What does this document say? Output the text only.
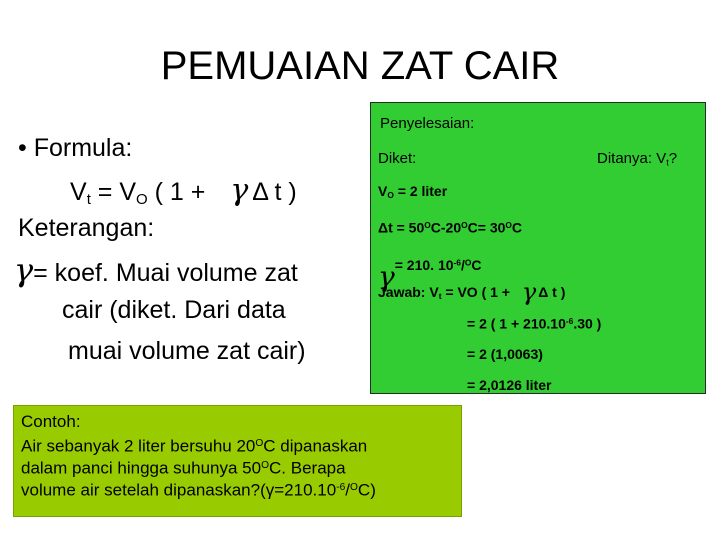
PEMUAIAN ZAT CAIR
• Formula:
$V_t = V_O$ ( 1 + γ Δ t )
Keterangan:
γ= koef. Muai volume zat
cair (diket. Dari data
muai volume zat cair)
Penyelesaian:
Diket:	Ditanya: $V_t$?
$V_O = 2$ liter
$\Delta t = 50^OC-20^OC= 30^OC$
γ= 210. $10^{-6}/^OC$
Jawab: $V_t$ = VO ( 1 + γ Δ t )
= 2 ( $1 + 210.10^{-6}.30$ )
= 2 (1,0063)
= 2,0126 liter
Contoh:
Air sebanyak 2 liter bersuhu $20^OC$ dipanaskan
dalam panci hingga suhunya $50^OC$. Berapa
volume air setelah $dipanaskan?(\gamma=210.10^{-6}/^OC)$
